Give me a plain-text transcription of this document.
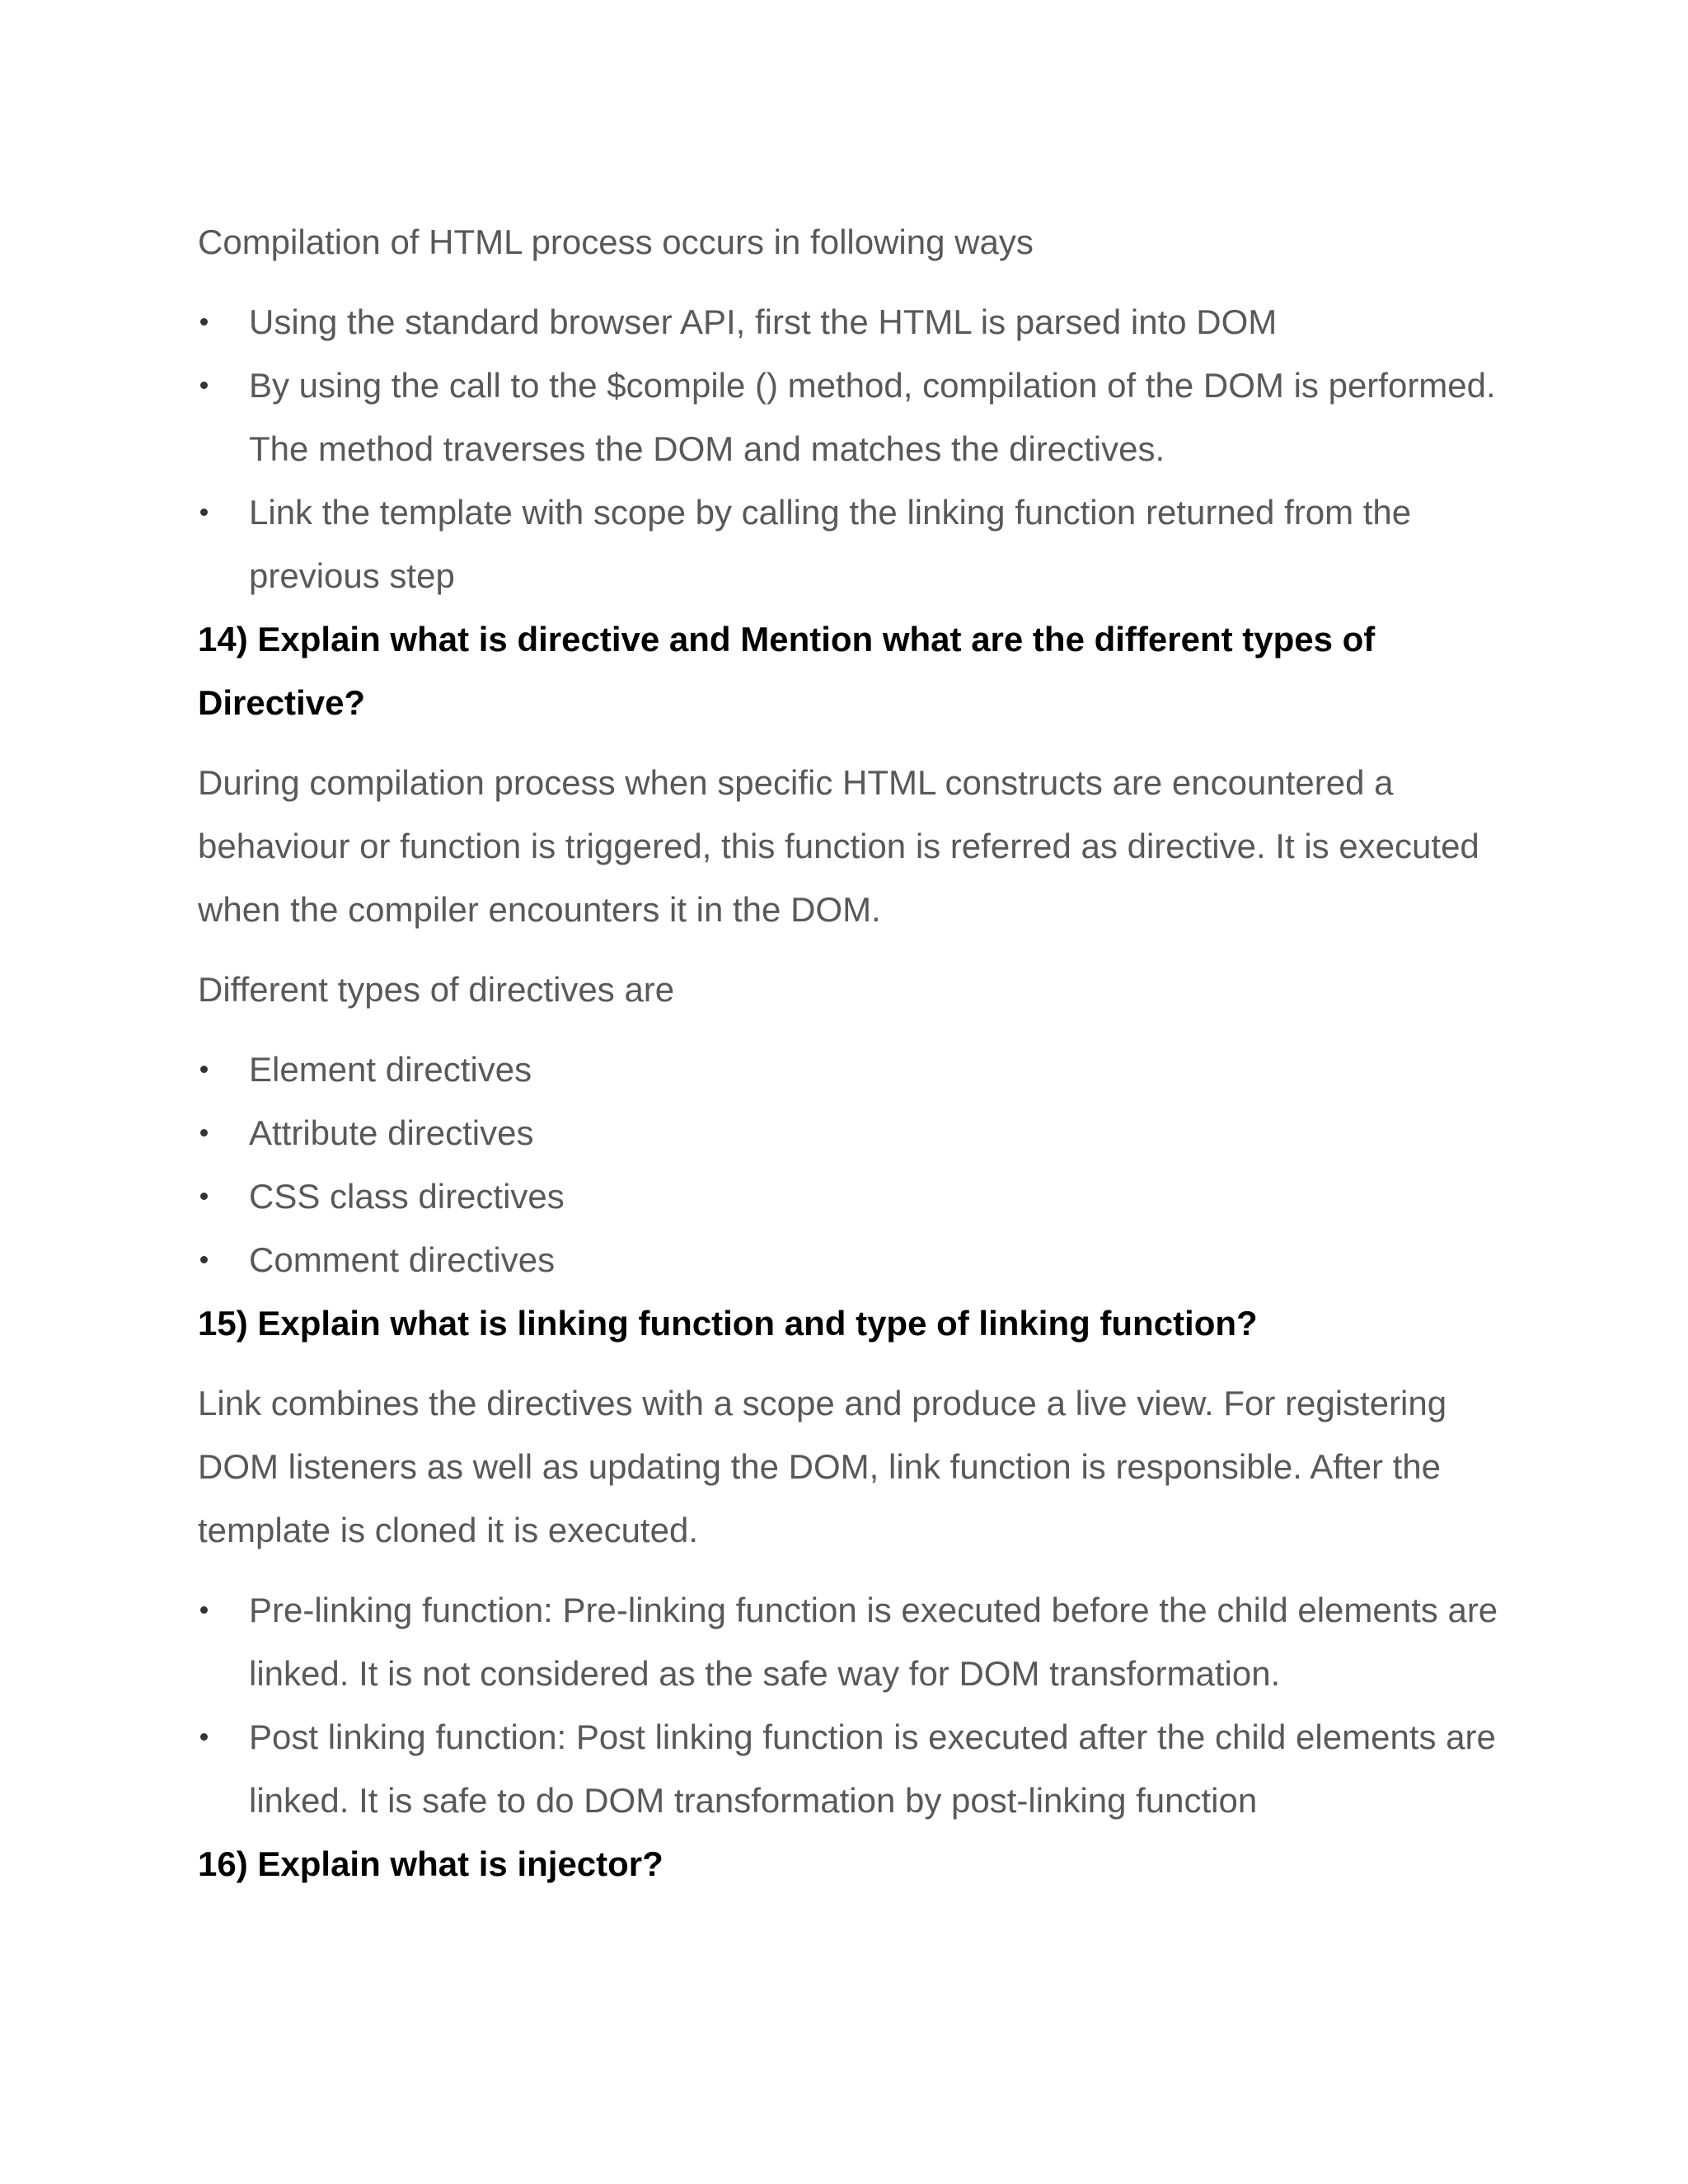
Compilation of HTML process occurs in following ways

Using the standard browser API, first the HTML is parsed into DOM
By using the call to the $compile () method, compilation of the DOM is performed. The method traverses the DOM and matches the directives.
Link the template with scope by calling the linking function returned from the previous step

14) Explain what is directive and Mention what are the different types of Directive?

During compilation process when specific HTML constructs are encountered a behaviour or function is triggered, this function is referred as directive. It is executed when the compiler encounters it in the DOM.

Different types of directives are

Element directives
Attribute directives
CSS class directives
Comment directives

15) Explain what is linking function and type of linking function?

Link combines the directives with a scope and produce a live view. For registering DOM listeners as well as updating the DOM, link function is responsible. After the template is cloned it is executed.

Pre-linking function: Pre-linking function is executed before the child elements are linked. It is not considered as the safe way for DOM transformation.
Post linking function: Post linking function is executed after the child elements are linked. It is safe to do DOM transformation by post-linking function

16) Explain what is injector?
